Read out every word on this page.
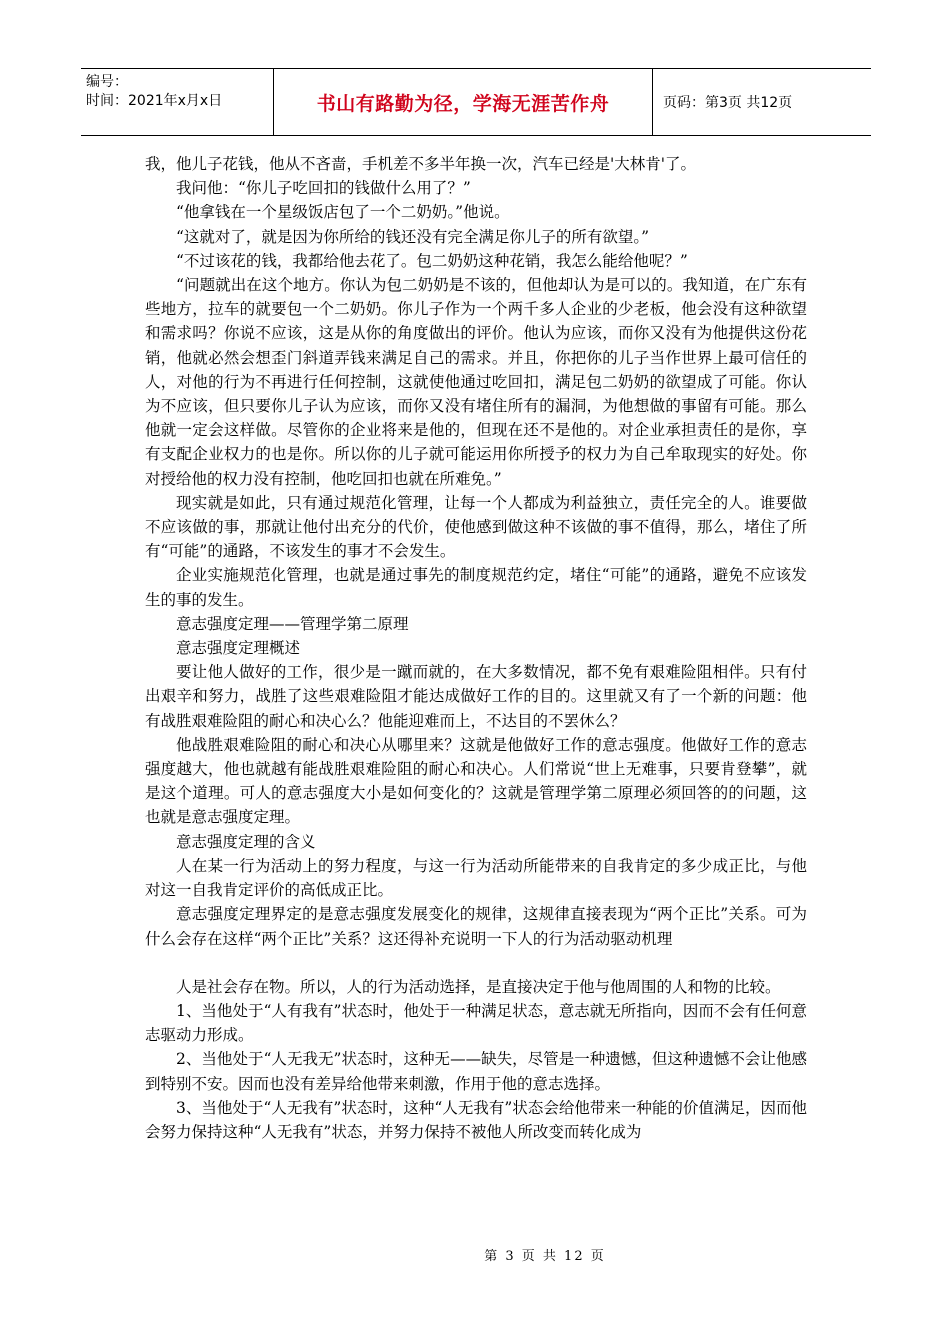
编号：
时间：2021年x月x日	书山有路勤为径，学海无涯苦作舟	页码：第3页 共12页

我，他儿子花钱，他从不吝啬，手机差不多半年换一次，汽车已经是'大林肯'了。

我问他：“你儿子吃回扣的钱做什么用了？”

“他拿钱在一个星级饭店包了一个二奶奶。”他说。

“这就对了，就是因为你所给的钱还没有完全满足你儿子的所有欲望。”

“不过该花的钱，我都给他去花了。包二奶奶这种花销，我怎么能给他呢？”

“问题就出在这个地方。你认为包二奶奶是不该的，但他却认为是可以的。我知道，在广东有些地方，拉车的就要包一个二奶奶。你儿子作为一个两千多人企业的少老板，他会没有这种欲望和需求吗？你说不应该，这是从你的角度做出的评价。他认为应该，而你又没有为他提供这份花销，他就必然会想歪门斜道弄钱来满足自己的需求。并且，你把你的儿子当作世界上最可信任的人，对他的行为不再进行任何控制，这就使他通过吃回扣，满足包二奶奶的欲望成了可能。你认为不应该，但只要你儿子认为应该，而你又没有堵住所有的漏洞，为他想做的事留有可能。那么他就一定会这样做。尽管你的企业将来是他的，但现在还不是他的。对企业承担责任的是你，享有支配企业权力的也是你。所以你的儿子就可能运用你所授予的权力为自己牟取现实的好处。你对授给他的权力没有控制，他吃回扣也就在所难免。”

现实就是如此，只有通过规范化管理，让每一个人都成为利益独立，责任完全的人。谁要做不应该做的事，那就让他付出充分的代价，使他感到做这种不该做的事不值得，那么，堵住了所有“可能”的通路，不该发生的事才不会发生。

企业实施规范化管理，也就是通过事先的制度规范约定，堵住“可能”的通路，避免不应该发生的事的发生。

意志强度定理——管理学第二原理

意志强度定理概述

要让他人做好的工作，很少是一蹴而就的，在大多数情况，都不免有艰难险阻相伴。只有付出艰辛和努力，战胜了这些艰难险阻才能达成做好工作的目的。这里就又有了一个新的问题：他有战胜艰难险阻的耐心和决心么？他能迎难而上，不达目的不罢休么？

他战胜艰难险阻的耐心和决心从哪里来？这就是他做好工作的意志强度。他做好工作的意志强度越大，他也就越有能战胜艰难险阻的耐心和决心。人们常说“世上无难事，只要肯登攀”，就是这个道理。可人的意志强度大小是如何变化的？这就是管理学第二原理必须回答的的问题，这也就是意志强度定理。

意志强度定理的含义

人在某一行为活动上的努力程度，与这一行为活动所能带来的自我肯定的多少成正比，与他对这一自我肯定评价的高低成正比。

意志强度定理界定的是意志强度发展变化的规律，这规律直接表现为“两个正比”关系。可为什么会存在这样“两个正比”关系？这还得补充说明一下人的行为活动驱动机理

人是社会存在物。所以，人的行为活动选择，是直接决定于他与他周围的人和物的比较。

1、当他处于“人有我有”状态时，他处于一种满足状态，意志就无所指向，因而不会有任何意志驱动力形成。

2、当他处于“人无我无”状态时，这种无——缺失，尽管是一种遗憾，但这种遗憾不会让他感到特别不安。因而也没有差异给他带来刺激，作用于他的意志选择。

3、当他处于“人无我有”状态时，这种“人无我有”状态会给他带来一种能的价值满足，因而他会努力保持这种“人无我有”状态，并努力保持不被他人所改变而转化成为

第 3 页 共 12 页
